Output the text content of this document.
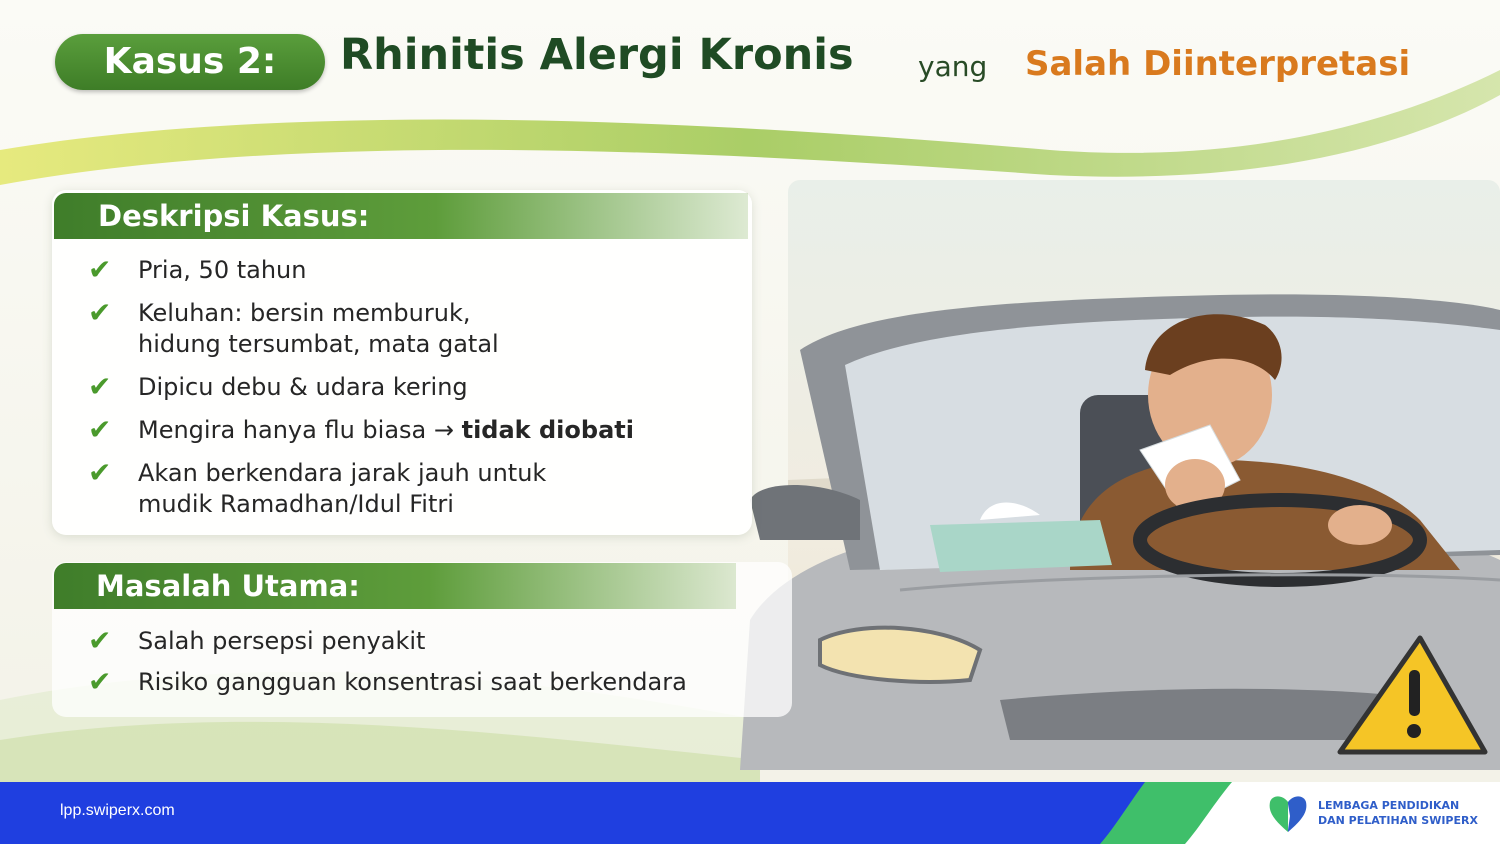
Kasus 2:	Rhinitis Alergi Kronis yang Salah Diinterpretasi
Deskripsi Kasus:
✔	Pria, 50 tahun
✔	Keluhan: bersin memburuk,
hidung tersumbat, mata gatal
✔	Dipicu debu & udara kering
✔	Mengira hanya flu biasa → tidak diobati
✔	Akan berkendara jarak jauh untuk
mudik Ramadhan/Idul Fitri
Masalah Utama:
✔	Salah persepsi penyakit
✔	Risiko gangguan konsentrasi saat berkendara
lpp.swiperx.com	LEMBAGA PENDIDIKAN
DAN PELATIHAN SWIPERX
